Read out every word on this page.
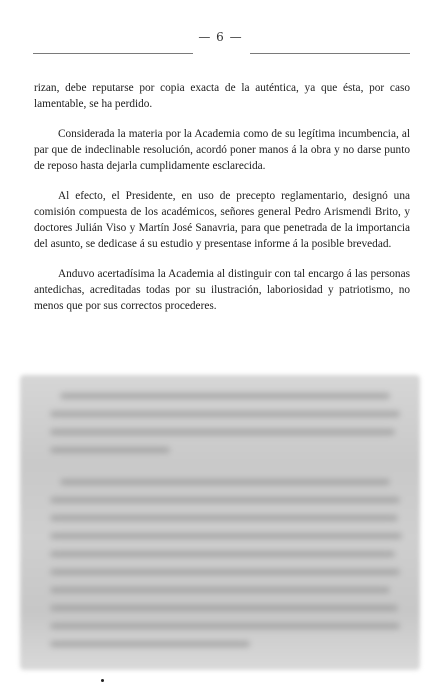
— 6 —

rizan, debe reputarse por copia exacta de la auténtica, ya que ésta, por caso lamentable, se ha perdido.

Considerada la materia por la Academia como de su legítima incumbencia, al par que de indeclinable resolución, acordó poner manos á la obra y no darse punto de reposo hasta dejarla cumplidamente esclarecida.

Al efecto, el Presidente, en uso de precepto reglamentario, designó una comisión compuesta de los académicos, señores general Pedro Arismendi Brito, y doctores Julián Viso y Martín José Sanavria, para que penetrada de la importancia del asunto, se dedicase á su estudio y presentase informe á la posible brevedad.

Anduvo acertadísima la Academia al distinguir con tal encargo á las personas antedichas, acreditadas todas por su ilustración, laboriosidad y patriotismo, no menos que por sus correctos procederes.
